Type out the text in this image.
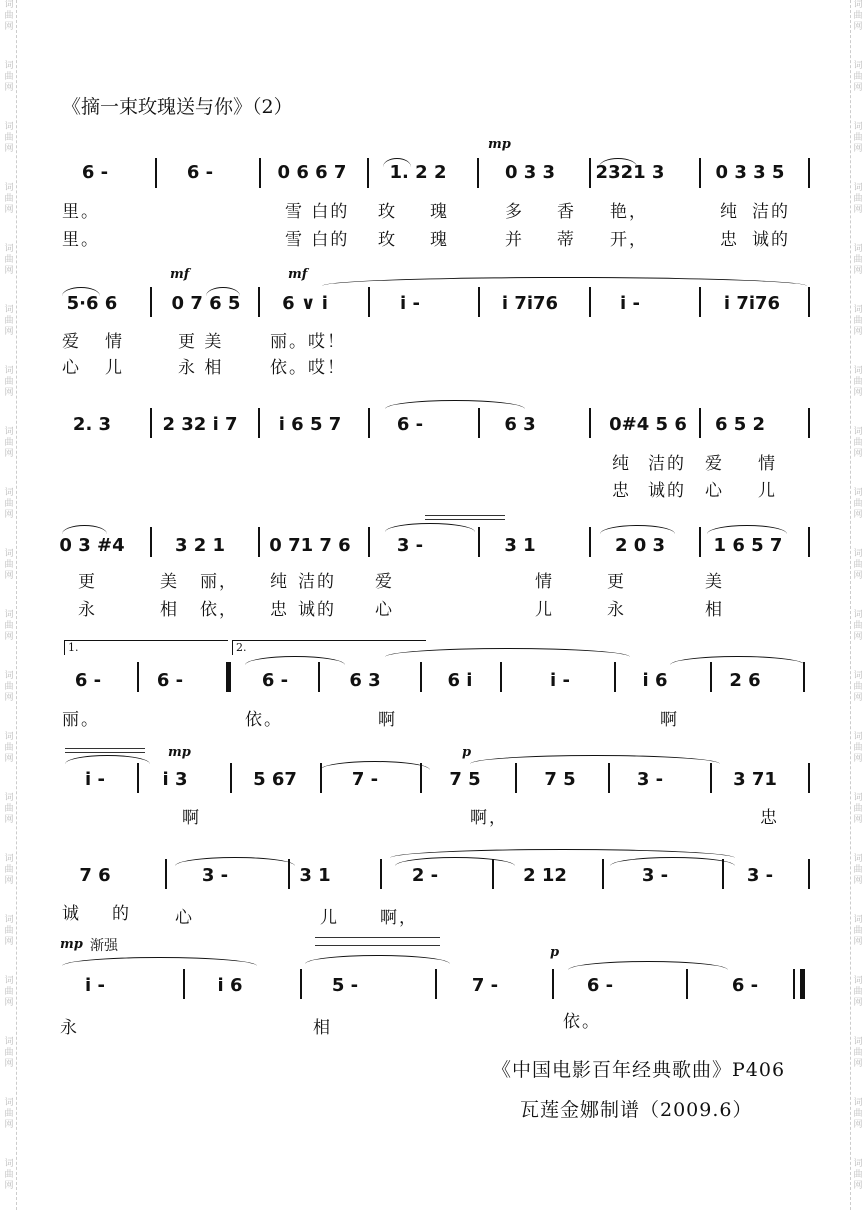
词
曲
网
词
曲
网
词
曲
网
词
曲
网
词
曲
网
词
曲
网
词
曲
网
词
曲
网
词
曲
网
词
曲
网
词
曲
网
词
曲
网
词
曲
网
词
曲
网
词
曲
网
词
曲
网
词
曲
网
词
曲
网
词
曲
网
词
曲
网
词
曲
网
词
曲
网
词
曲
网
词
曲
网
词
曲
网
词
曲
网
词
曲
网
词
曲
网
词
曲
网
词
曲
网
词
曲
网
词
曲
网
词
曲
网
词
曲
网
词
曲
网
词
曲
网
词
曲
网
词
曲
网
词
曲
网
词
曲
网
《摘一束玫瑰送与你》（2）
mp
6 -	6 -	0 6 6 7 1. 2 2	0 3 3 2321 3	0 3 3 5
里。	雪 白的 玫 瑰	多 香 艳，	纯 洁的
里。	雪 白的 玫 瑰	并 蒂 开，	忠 诚的
mf	mf
5·6 6	0 7 6 5 6 ∨ i	i -	i 7i76	i -	i 7i76
爱 情	更 美	丽。哎！
心 儿	永 相	依。哎！
2. 3	2 32 i 7 i 6 5 7	6 -	6 3	0#4 5 6 6 5 2
纯 洁的 爱 情
忠 诚的 心 儿
0 3 #4	3 2 1 0 71 7 6	3 -	3 1	2 0 3	1 6 5 7
更	美 丽， 纯 洁的 爱	情	更	美
永	相 依， 忠 诚的 心	儿	永	相
1.	2.
6 -	6 -	6 -	6 3	6 i	i -	i 6	2 6
丽。	依。	啊	啊
mp	p
i -	i 3	5 67	7 -	7 5	7 5	3 -	3 71
啊	啊，	忠
7 6	3 -	3 1	2 -	2 12	3 -	3 -
诚 的	心	儿 啊，
mp 渐强	p
i -	i 6	5 -	7 -	6 -	6 -
永	相	依。
《中国电影百年经典歌曲》P406
瓦莲金娜制谱（2009.6）
